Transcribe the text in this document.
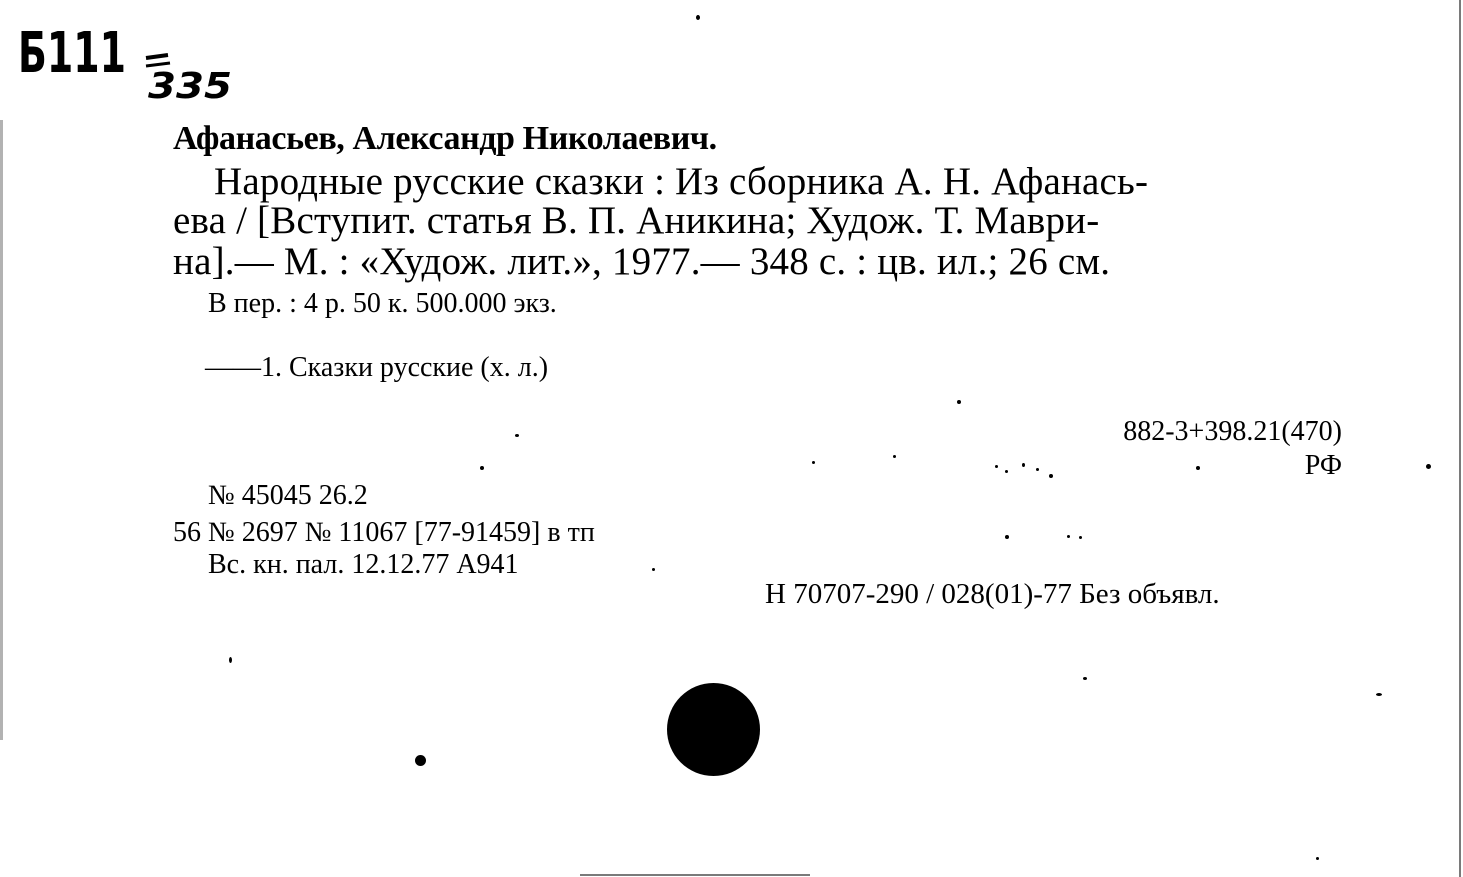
Б111
335
Афанасьев, Александр Николаевич.
Народные русские сказки : Из сборника А. Н. Афанась-
ева / [Вступит. статья В. П. Аникина; Худож. Т. Маври-
на].— М. : «Худож. лит.», 1977.— 348 с. : цв. ил.; 26 см.
В пер. : 4 р. 50 к. 500.000 экз.
——1. Сказки русские (х. л.)
882-3+398.21(470)
РФ
№ 45045 26.2
56 № 2697 № 11067 [77-91459] в тп
Вс. кн. пал. 12.12.77 А941
Н 70707-290 / 028(01)-77 Без объявл.
